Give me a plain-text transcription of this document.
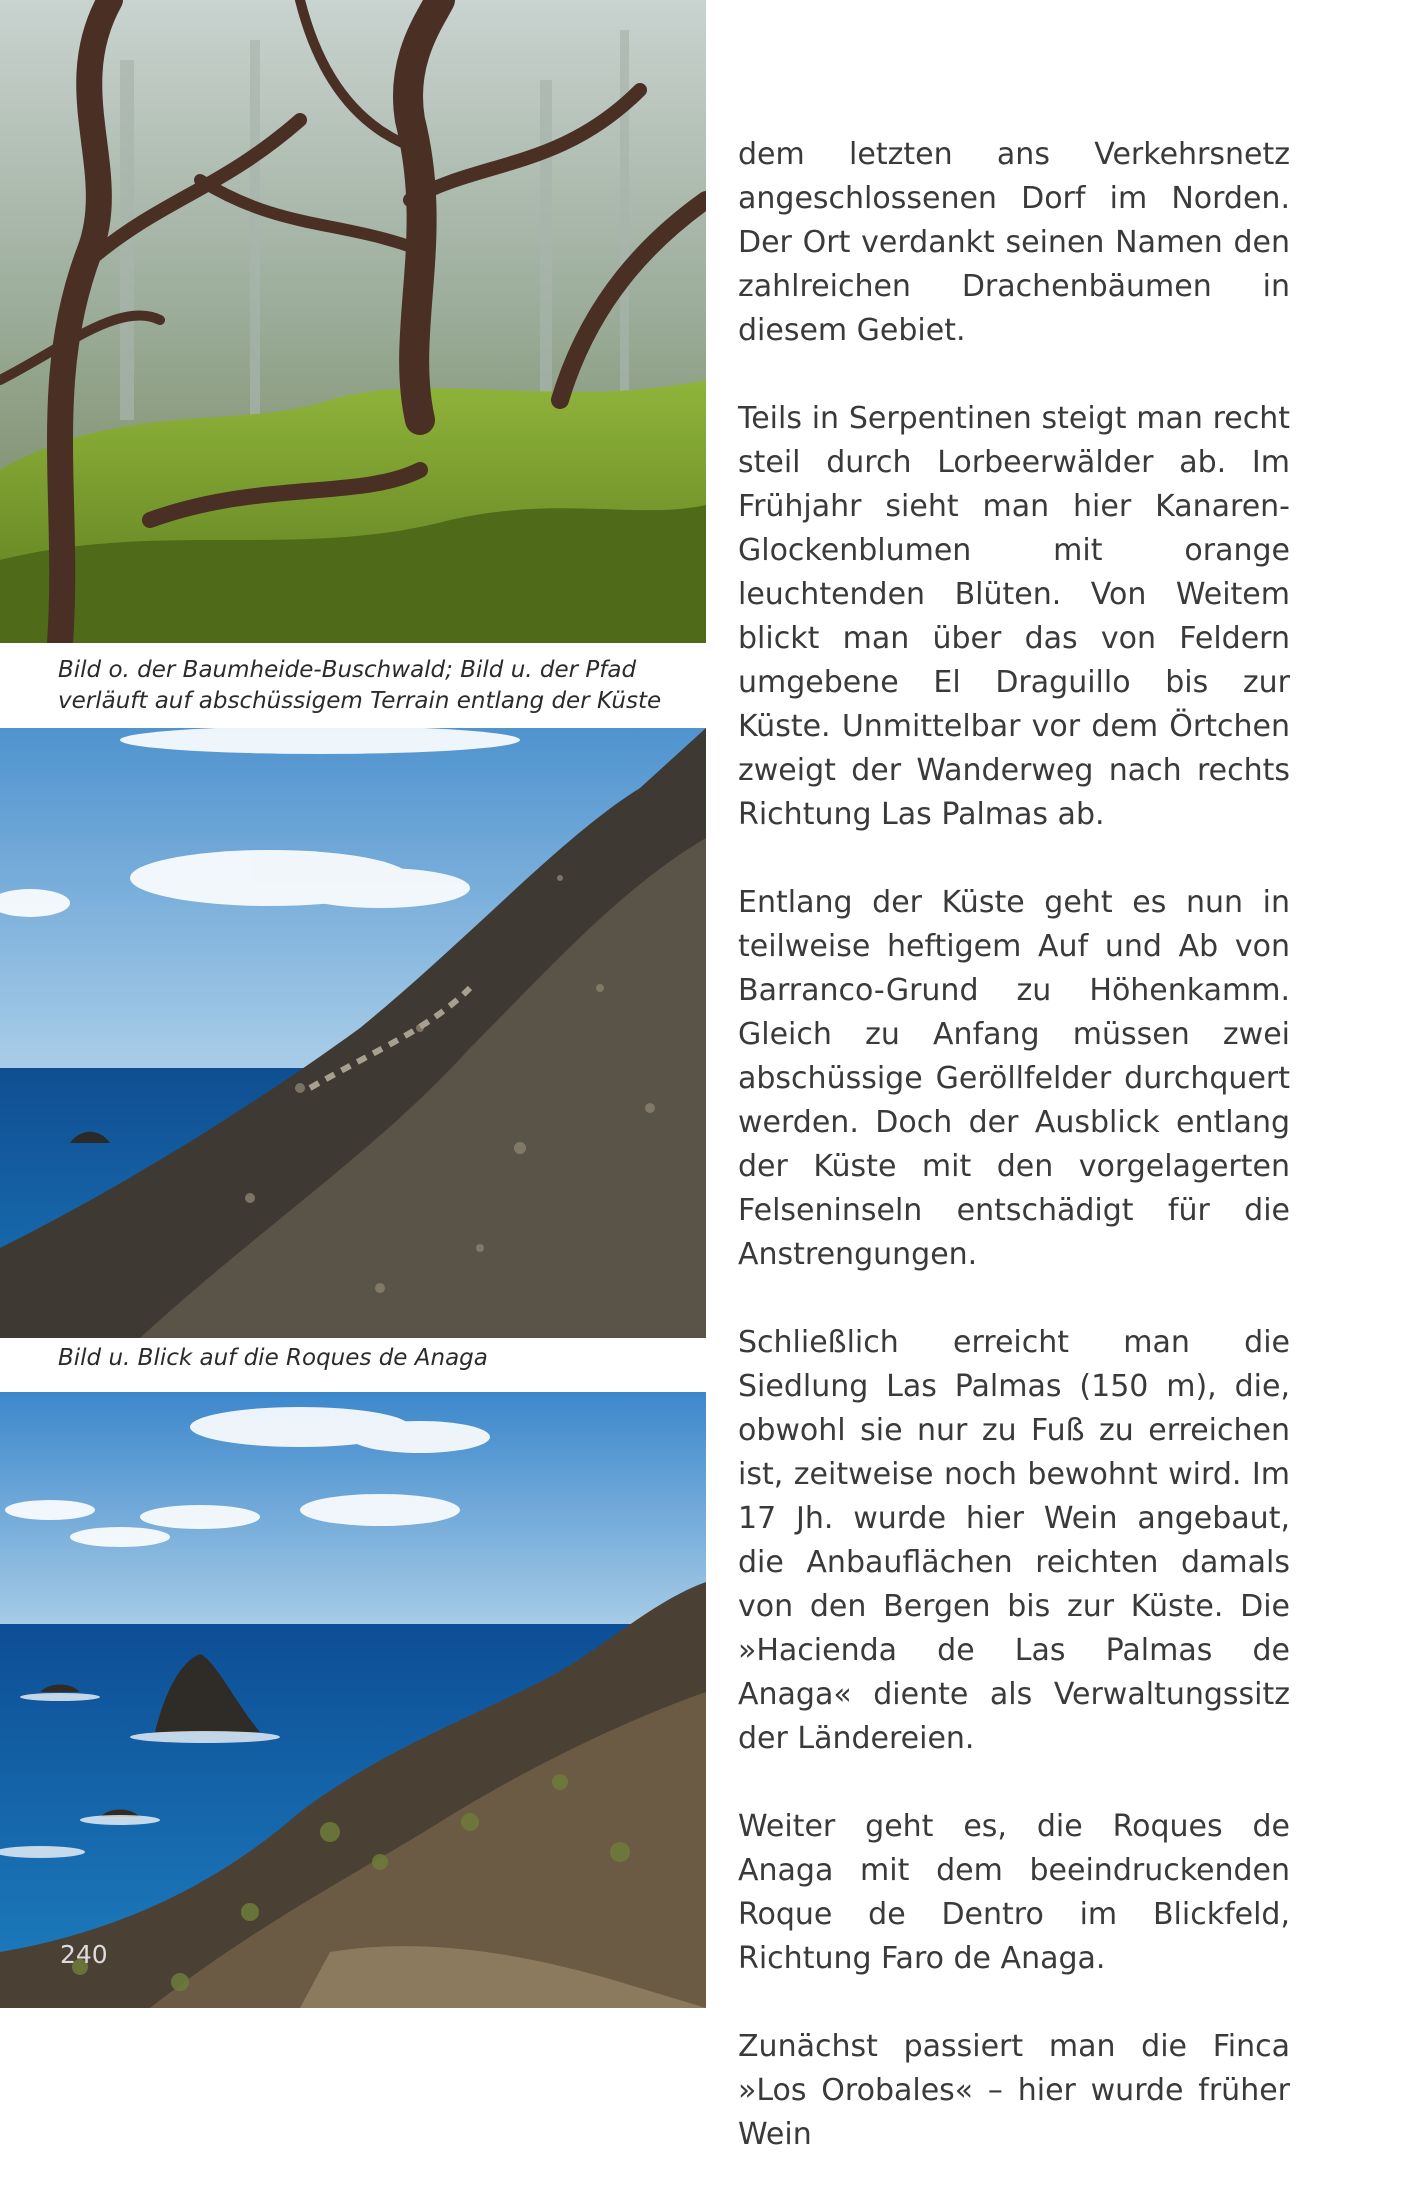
Bild o. der Baumheide-Buschwald; Bild u. der Pfad verläuft auf abschüssigem Terrain entlang der Küste

Bild u. Blick auf die Roques de Anaga

dem letzten ans Verkehrsnetz angeschlossenen Dorf im Norden. Der Ort verdankt seinen Namen den zahlreichen Drachenbäumen in diesem Gebiet.

Teils in Serpentinen steigt man recht steil durch Lorbeerwälder ab. Im Frühjahr sieht man hier Kanaren-Glockenblumen mit orange leuchtenden Blüten. Von Weitem blickt man über das von Feldern umgebene El Draguillo bis zur Küste. Unmittelbar vor dem Örtchen zweigt der Wanderweg nach rechts Richtung Las Palmas ab.

Entlang der Küste geht es nun in teilweise heftigem Auf und Ab von Barranco-Grund zu Höhenkamm. Gleich zu Anfang müssen zwei abschüssige Geröllfelder durchquert werden. Doch der Ausblick entlang der Küste mit den vorgelagerten Felseninseln entschädigt für die Anstrengungen.

Schließlich erreicht man die Siedlung Las Palmas (150 m), die, obwohl sie nur zu Fuß zu erreichen ist, zeitweise noch bewohnt wird. Im 17 Jh. wurde hier Wein angebaut, die Anbauflächen reichten damals von den Bergen bis zur Küste. Die »Hacienda de Las Palmas de Anaga« diente als Verwaltungssitz der Ländereien.

Weiter geht es, die Roques de Anaga mit dem beeindruckenden Roque de Dentro im Blickfeld, Richtung Faro de Anaga.

Zunächst passiert man die Finca »Los Orobales« – hier wurde früher Wein

240
